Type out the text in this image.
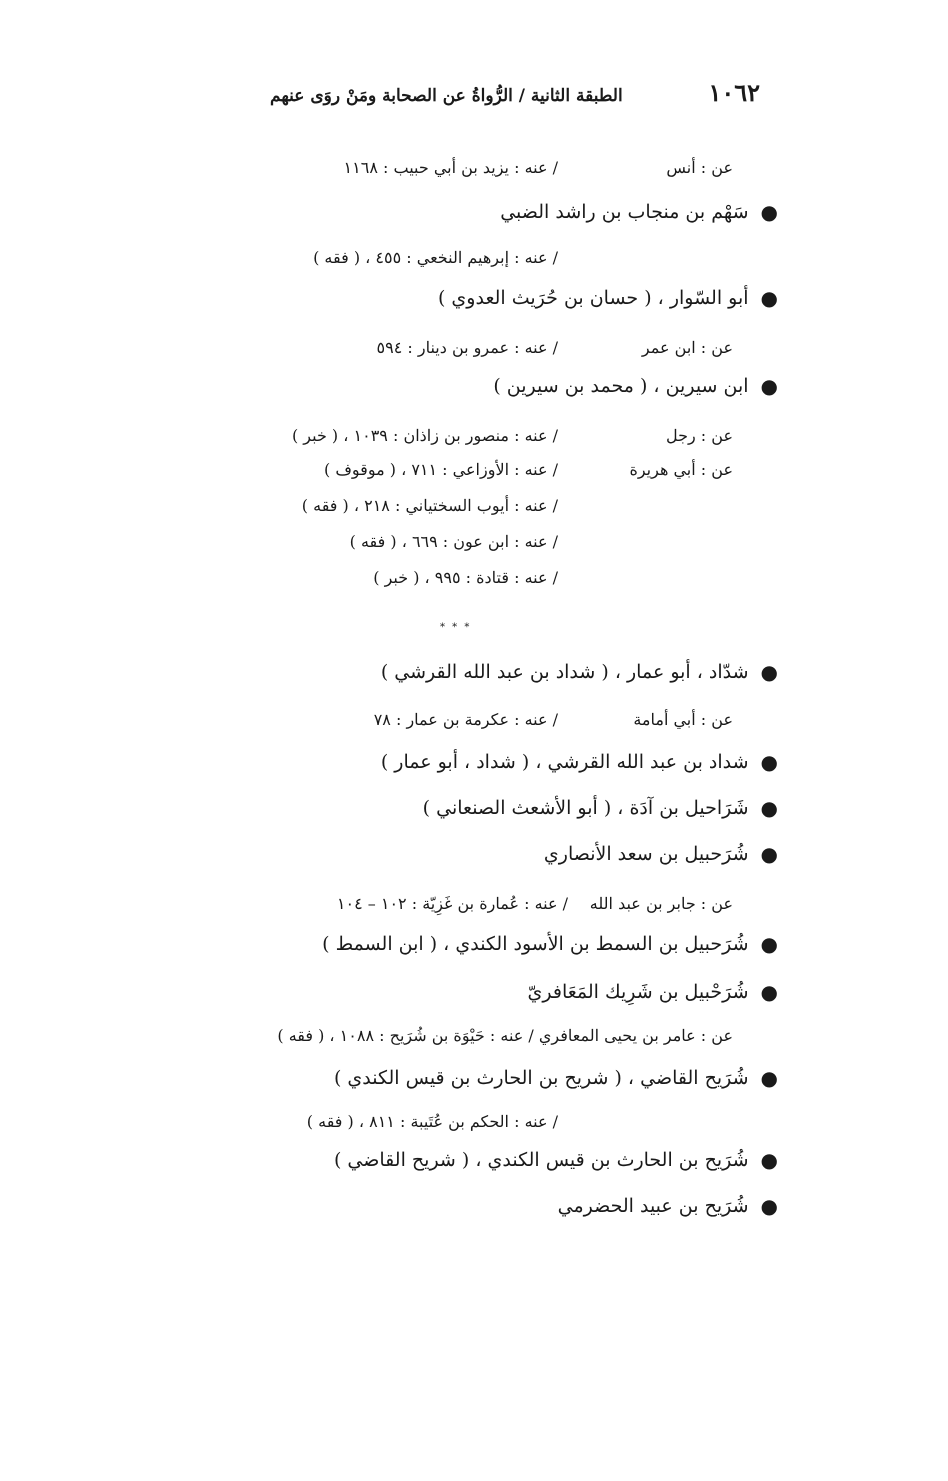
١٠٦٢
الطبقة الثانية / الرُّواةُ عن الصحابة ومَنْ روَى عنهم
عن : أنس
/ عنه : يزيد بن أبي حبيب : ١١٦٨
●
سَهْم بن منجاب بن راشد الضبي
/ عنه : إبرهيم النخعي : ٤٥٥ ، ( فقه )
●
أبو السّوار ، ( حسان بن حُرَيث العدوي )
عن : ابن عمر
/ عنه : عمرو بن دينار : ٥٩٤
●
ابن سيرين ، ( محمد بن سيرين )
عن : رجل
/ عنه : منصور بن زاذان : ١٠٣٩ ، ( خبر )
عن : أبي هريرة
/ عنه : الأوزاعي : ٧١١ ، ( موقوف )
/ عنه : أيوب السختياني : ٢١٨ ، ( فقه )
/ عنه : ابن عون : ٦٦٩ ، ( فقه )
/ عنه : قتادة : ٩٩٥ ، ( خبر )
* * *
●
شدّاد ، أبو عمار ، ( شداد بن عبد الله القرشي )
عن : أبي أمامة
/ عنه : عكرمة بن عمار : ٧٨
●
شداد بن عبد الله القرشي ، ( شداد ، أبو عمار )
●
شَرَاحيل بن آدَة ، ( أبو الأشعث الصنعاني )
●
شُرَحبيل بن سعد الأنصاري
عن : جابر بن عبد الله
/ عنه : عُمارة بن غَزِيّة : ١٠٢ – ١٠٤
●
شُرَحبيل بن السمط بن الأسود الكندي ، ( ابن السمط )
●
شُرَحْبيل بن شَرِيك المَعَافريّ
عن : عامر بن يحيى المعافري / عنه : حَيْوَة بن شُرَيح : ١٠٨٨ ، ( فقه )
●
شُرَيح القاضي ، ( شريح بن الحارث بن قيس الكندي )
/ عنه : الحكم بن عُتَيبة : ٨١١ ، ( فقه )
●
شُرَيح بن الحارث بن قيس الكندي ، ( شريح القاضي )
●
شُرَيح بن عبيد الحضرمي
